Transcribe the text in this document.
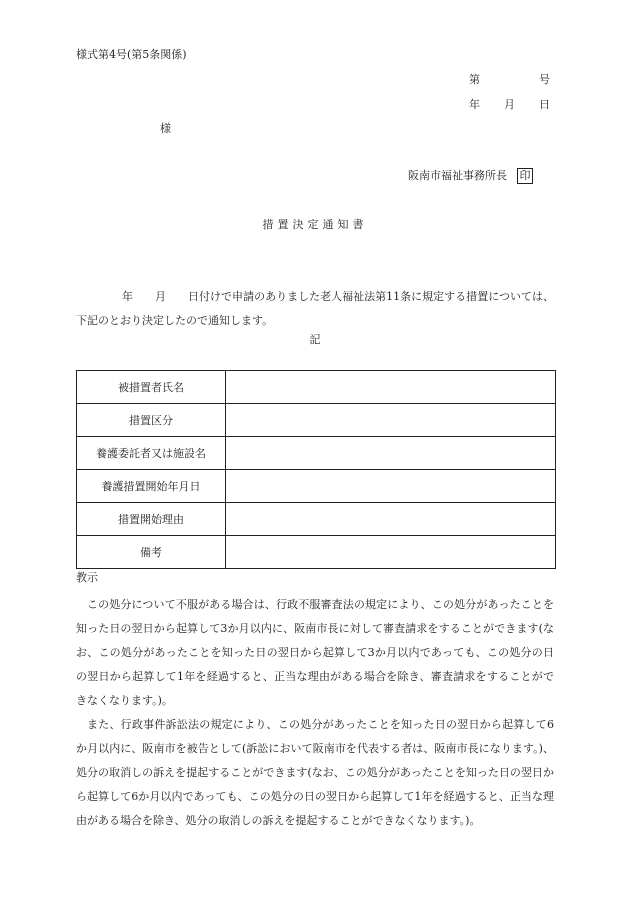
様式第4号(第5条関係)
第	号
年 月 日
様
阪南市福祉事務所長 印
措置決定通知書
年 月 日付けで申請のありました老人福祉法第11条に規定する措置については、下記のとおり決定したので通知します。
記
被措置者氏名	
措置区分	
養護委託者又は施設名	
養護措置開始年月日	
措置開始理由	
備考	
教示
この処分について不服がある場合は、行政不服審査法の規定により、この処分があったことを知った日の翌日から起算して3か月以内に、阪南市長に対して審査請求をすることができます(なお、この処分があったことを知った日の翌日から起算して3か月以内であっても、この処分の日の翌日から起算して1年を経過すると、正当な理由がある場合を除き、審査請求をすることができなくなります。)。
また、行政事件訴訟法の規定により、この処分があったことを知った日の翌日から起算して6か月以内に、阪南市を被告として(訴訟において阪南市を代表する者は、阪南市長になります。)、処分の取消しの訴えを提起することができます(なお、この処分があったことを知った日の翌日から起算して6か月以内であっても、この処分の日の翌日から起算して1年を経過すると、正当な理由がある場合を除き、処分の取消しの訴えを提起することができなくなります。)。
